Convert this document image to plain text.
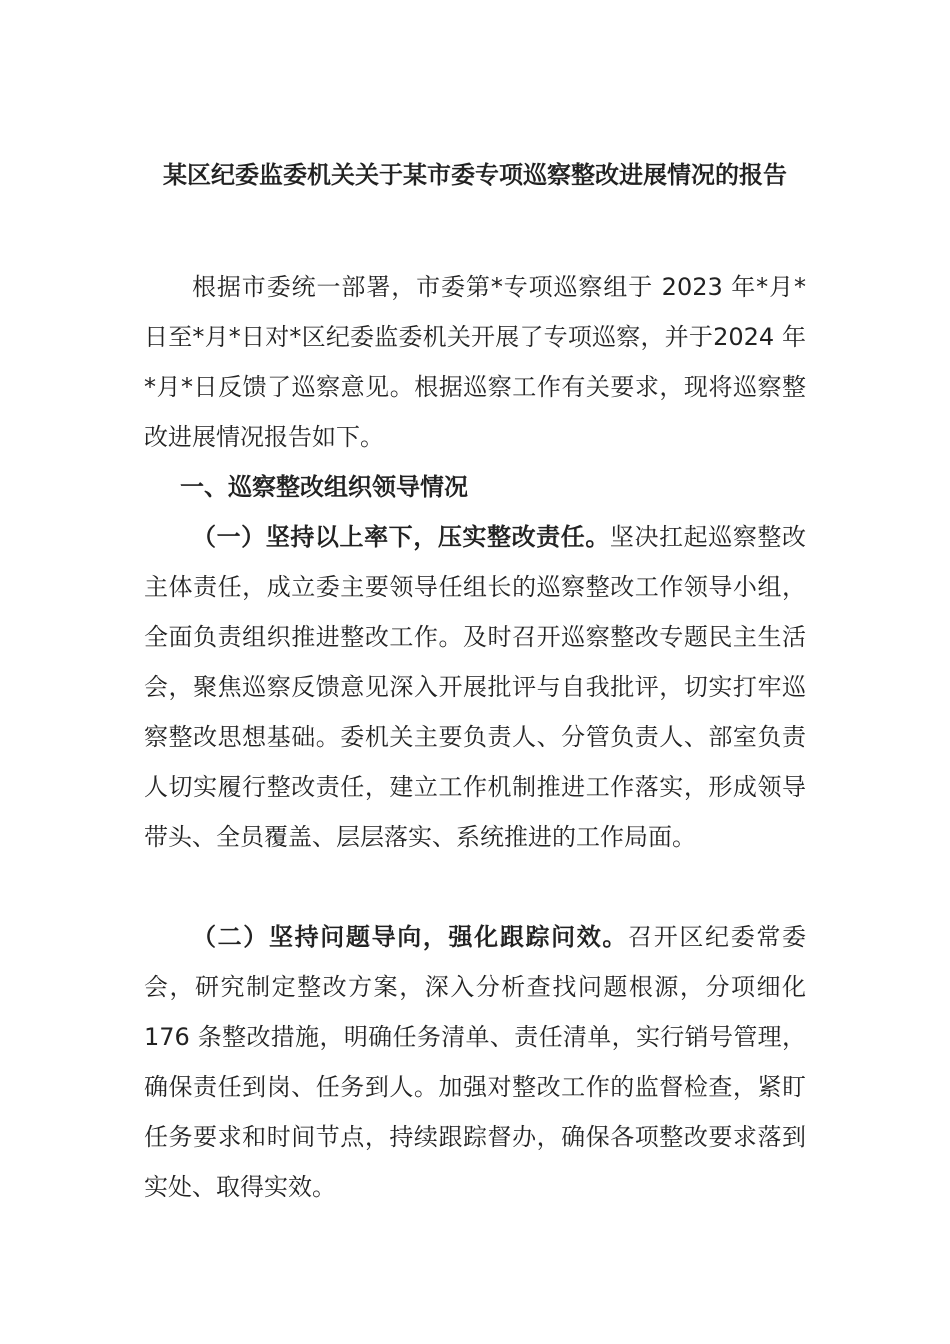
某区纪委监委机关关于某市委专项巡察整改进展情况的报告

根据市委统一部署，市委第*专项巡察组于 2023 年*月*日至*月*日对*区纪委监委机关开展了专项巡察，并于2024 年*月*日反馈了巡察意见。根据巡察工作有关要求，现将巡察整改进展情况报告如下。

一、巡察整改组织领导情况

（一）坚持以上率下，压实整改责任。坚决扛起巡察整改主体责任，成立委主要领导任组长的巡察整改工作领导小组，全面负责组织推进整改工作。及时召开巡察整改专题民主生活会，聚焦巡察反馈意见深入开展批评与自我批评，切实打牢巡察整改思想基础。委机关主要负责人、分管负责人、部室负责人切实履行整改责任，建立工作机制推进工作落实，形成领导带头、全员覆盖、层层落实、系统推进的工作局面。

（二）坚持问题导向，强化跟踪问效。召开区纪委常委会，研究制定整改方案，深入分析查找问题根源，分项细化 176 条整改措施，明确任务清单、责任清单，实行销号管理，确保责任到岗、任务到人。加强对整改工作的监督检查，紧盯任务要求和时间节点，持续跟踪督办，确保各项整改要求落到实处、取得实效。
